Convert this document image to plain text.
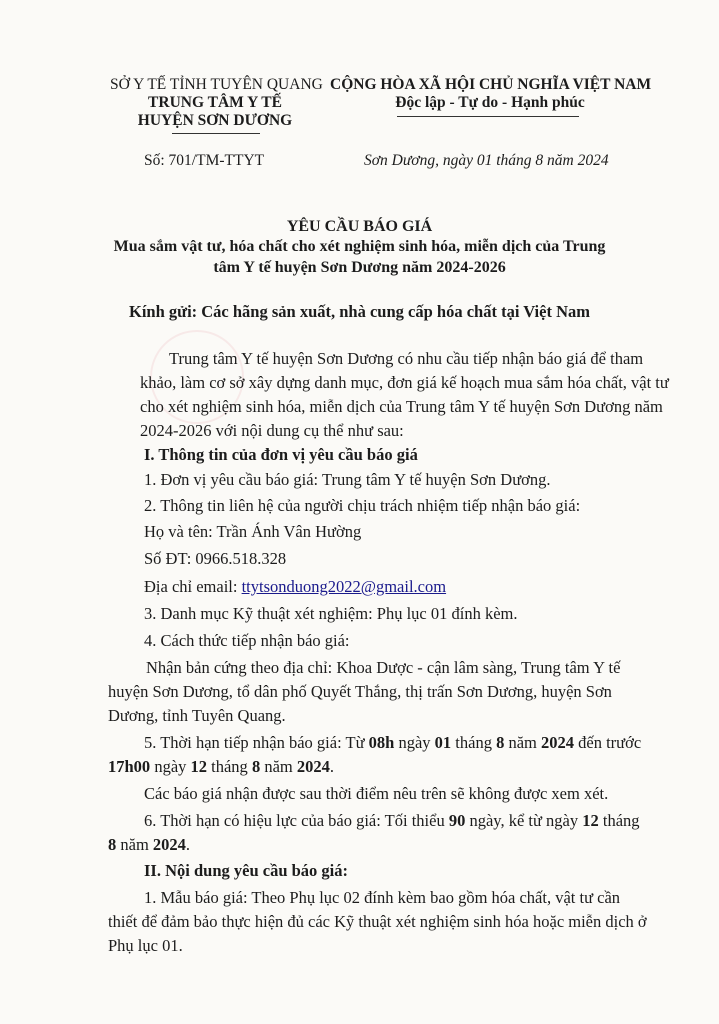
SỞ Y TẾ TỈNH TUYÊN QUANG
TRUNG TÂM Y TẾ
HUYỆN SƠN DƯƠNG
Số: 701/TM-TTYT
CỘNG HÒA XÃ HỘI CHỦ NGHĨA VIỆT NAM
Độc lập - Tự do - Hạnh phúc
Sơn Dương, ngày 01 tháng 8 năm 2024
YÊU CẦU BÁO GIÁ
Mua sắm vật tư, hóa chất cho xét nghiệm sinh hóa, miễn dịch của Trung
tâm Y tế huyện Sơn Dương năm 2024-2026
Kính gửi: Các hãng sản xuất, nhà cung cấp hóa chất tại Việt Nam
Trung tâm Y tế huyện Sơn Dương có nhu cầu tiếp nhận báo giá để tham
khảo, làm cơ sở xây dựng danh mục, đơn giá kế hoạch mua sắm hóa chất, vật tư
cho xét nghiệm sinh hóa, miễn dịch của Trung tâm Y tế huyện Sơn Dương năm
2024-2026 với nội dung cụ thể như sau:
I. Thông tin của đơn vị yêu cầu báo giá
1. Đơn vị yêu cầu báo giá: Trung tâm Y tế huyện Sơn Dương.
2. Thông tin liên hệ của người chịu trách nhiệm tiếp nhận báo giá:
Họ và tên: Trần Ánh Vân Hường
Số ĐT: 0966.518.328
Địa chỉ email: ttytsonduong2022@gmail.com
3. Danh mục Kỹ thuật xét nghiệm: Phụ lục 01 đính kèm.
4. Cách thức tiếp nhận báo giá:
Nhận bản cứng theo địa chỉ: Khoa Dược - cận lâm sàng, Trung tâm Y tế
huyện Sơn Dương, tổ dân phố Quyết Thắng, thị trấn Sơn Dương, huyện Sơn
Dương, tỉnh Tuyên Quang.
5. Thời hạn tiếp nhận báo giá: Từ 08h ngày 01 tháng 8 năm 2024 đến trước
17h00 ngày 12 tháng 8 năm 2024.
Các báo giá nhận được sau thời điểm nêu trên sẽ không được xem xét.
6. Thời hạn có hiệu lực của báo giá: Tối thiểu 90 ngày, kể từ ngày 12 tháng
8 năm 2024.
II. Nội dung yêu cầu báo giá:
1. Mẫu báo giá: Theo Phụ lục 02 đính kèm bao gồm hóa chất, vật tư cần
thiết để đảm bảo thực hiện đủ các Kỹ thuật xét nghiệm sinh hóa hoặc miễn dịch ở
Phụ lục 01.
